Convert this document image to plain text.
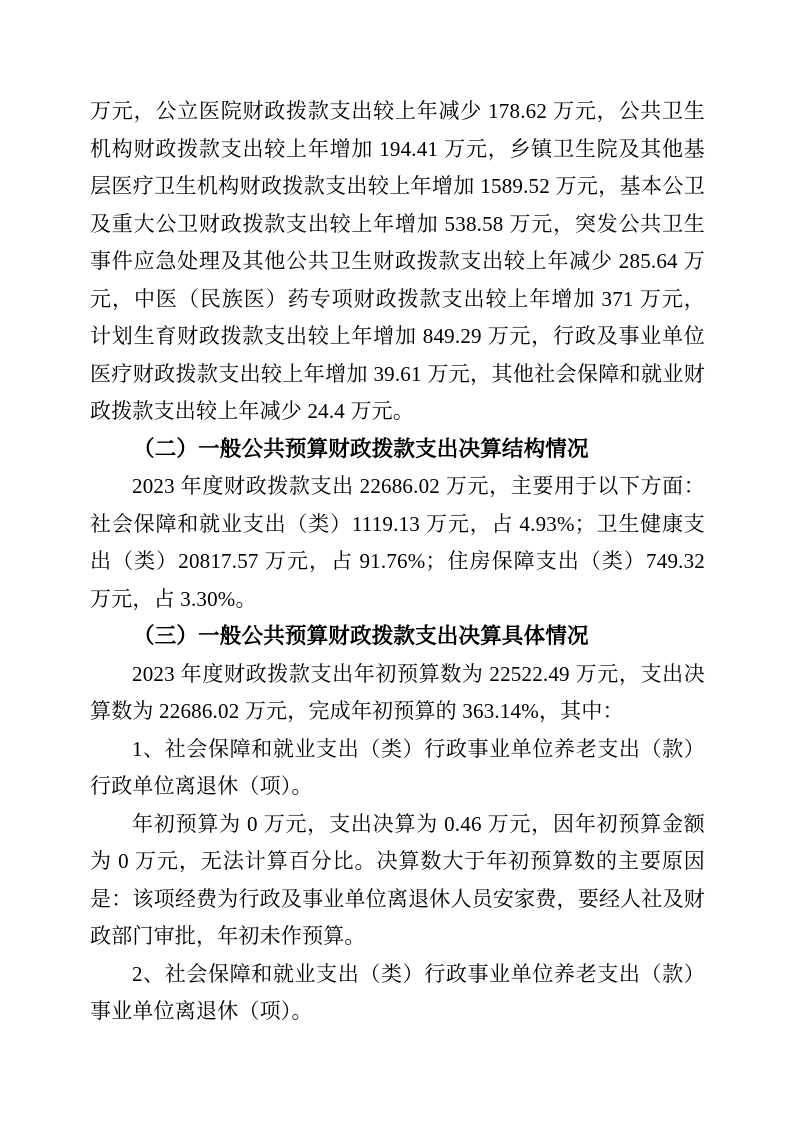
万元，公立医院财政拨款支出较上年减少 178.62 万元，公共卫生机构财政拨款支出较上年增加 194.41 万元，乡镇卫生院及其他基层医疗卫生机构财政拨款支出较上年增加 1589.52 万元，基本公卫及重大公卫财政拨款支出较上年增加 538.58 万元，突发公共卫生事件应急处理及其他公共卫生财政拨款支出较上年减少 285.64 万元，中医（民族医）药专项财政拨款支出较上年增加 371 万元，计划生育财政拨款支出较上年增加 849.29 万元，行政及事业单位医疗财政拨款支出较上年增加 39.61 万元，其他社会保障和就业财政拨款支出较上年减少 24.4 万元。

（二）一般公共预算财政拨款支出决算结构情况

2023 年度财政拨款支出 22686.02 万元，主要用于以下方面：社会保障和就业支出（类）1119.13 万元，占 4.93%；卫生健康支出（类）20817.57 万元，占 91.76%；住房保障支出（类）749.32 万元，占 3.30%。

（三）一般公共预算财政拨款支出决算具体情况

2023 年度财政拨款支出年初预算数为 22522.49 万元，支出决算数为 22686.02 万元，完成年初预算的 363.14%，其中：

1、社会保障和就业支出（类）行政事业单位养老支出（款）行政单位离退休（项）。

年初预算为 0 万元，支出决算为 0.46 万元，因年初预算金额为 0 万元，无法计算百分比。决算数大于年初预算数的主要原因是：该项经费为行政及事业单位离退休人员安家费，要经人社及财政部门审批，年初未作预算。

2、社会保障和就业支出（类）行政事业单位养老支出（款）事业单位离退休（项）。
